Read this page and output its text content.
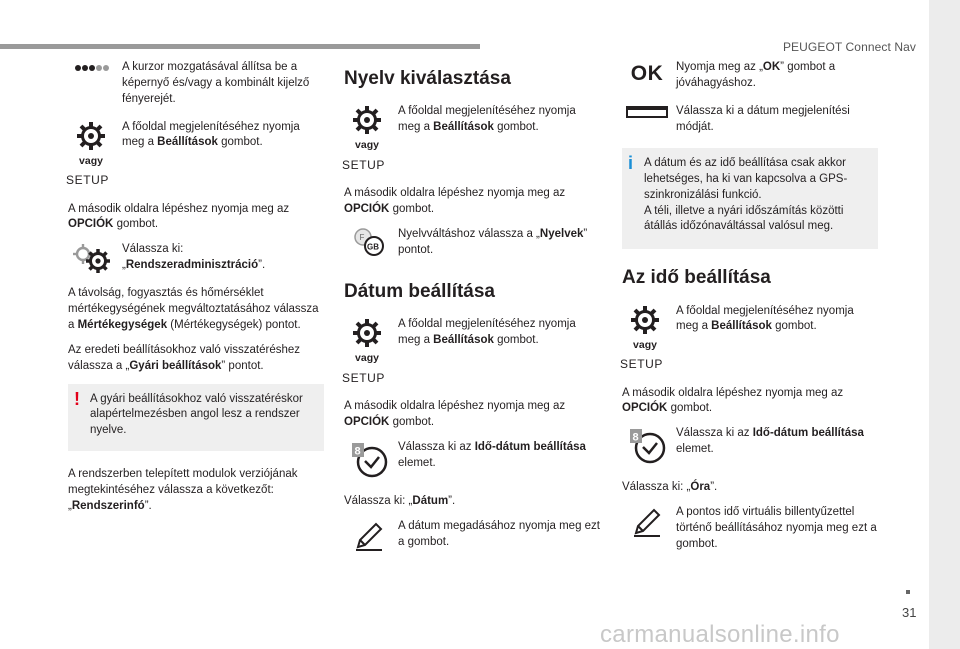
PEUGEOT Connect Nav
31
carmanualsonline.info
A kurzor mozgatásával állítsa be a képernyő és/vagy a kombinált kijelző fényerejét.
vagy
SETUP
A főoldal megjelenítéséhez nyomja meg a Beállítások gombot.
A második oldalra lépéshez nyomja meg az OPCIÓK gombot.
Válassza ki:
„Rendszeradminisztráció”.
A távolság, fogyasztás és hőmérséklet mértékegységének megváltoztatásához válassza a Mértékegységek (Mértékegységek) pontot.
Az eredeti beállításokhoz való visszatéréshez válassza a „Gyári beállítások” pontot.
! A gyári beállításokhoz való visszatéréskor alapértelmezésben angol lesz a rendszer nyelve.
A rendszerben telepített modulok verziójának megtekintéséhez válassza a következőt: „Rendszerinfó”.
Nyelv kiválasztása
vagy
SETUP
A főoldal megjelenítéséhez nyomja meg a Beállítások gombot.
A második oldalra lépéshez nyomja meg az OPCIÓK gombot.
F
GB
Nyelvváltáshoz válassza a „Nyelvek” pontot.
Dátum beállítása
vagy
SETUP
A főoldal megjelenítéséhez nyomja meg a Beállítások gombot.
A második oldalra lépéshez nyomja meg az OPCIÓK gombot.
8	Válassza ki az Idő-dátum beállítása elemet.
Válassza ki: „Dátum”.
A dátum megadásához nyomja meg ezt a gombot.
OK	Nyomja meg az „OK” gombot a jóváhagyáshoz.
Válassza ki a dátum megjelenítési módját.
i A dátum és az idő beállítása csak akkor lehetséges, ha ki van kapcsolva a GPS-szinkronizálási funkció.
A téli, illetve a nyári időszámítás közötti átállás időzónaváltással valósul meg.
Az idő beállítása
vagy
SETUP
A főoldal megjelenítéséhez nyomja meg a Beállítások gombot.
A második oldalra lépéshez nyomja meg az OPCIÓK gombot.
8	Válassza ki az Idő-dátum beállítása elemet.
Válassza ki: „Óra”.
A pontos idő virtuális billentyűzettel történő beállításához nyomja meg ezt a gombot.
